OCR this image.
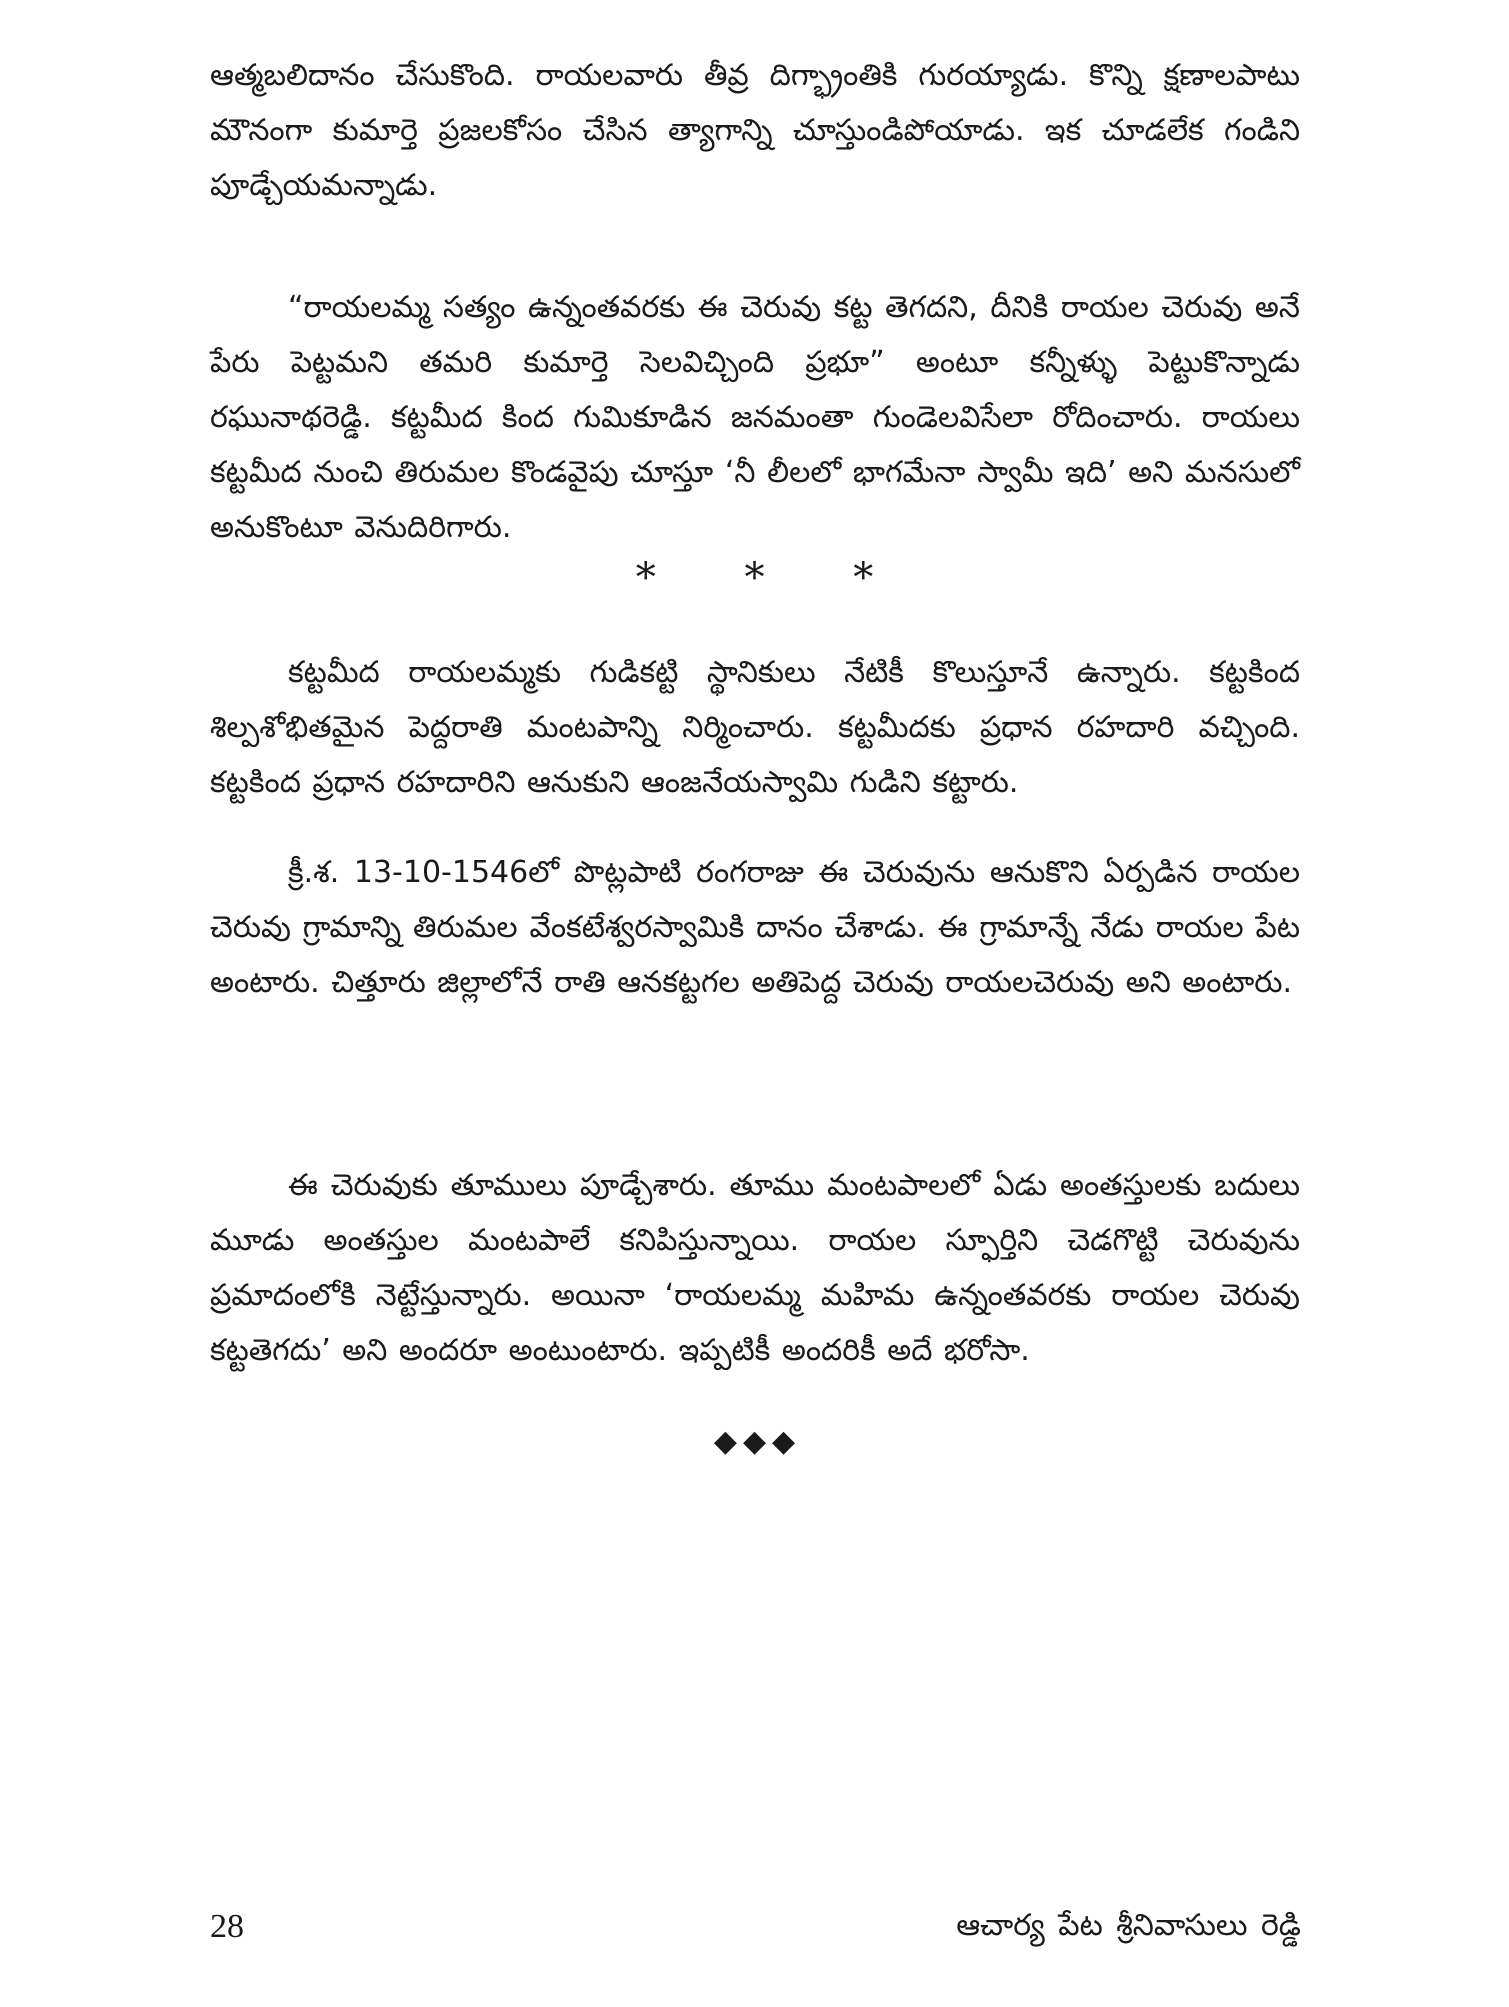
ఆత్మబలిదానం చేసుకొంది. రాయలవారు తీవ్ర దిగ్భ్రాంతికి గురయ్యాడు. కొన్ని క్షణాలపాటు మౌనంగా కుమార్తె ప్రజలకోసం చేసిన త్యాగాన్ని చూస్తుండిపోయాడు. ఇక చూడలేక గండిని పూడ్చేయమన్నాడు.

“రాయలమ్మ సత్యం ఉన్నంతవరకు ఈ చెరువు కట్ట తెగదని, దీనికి రాయల చెరువు అనే పేరు పెట్టమని తమరి కుమార్తె సెలవిచ్చింది ప్రభూ” అంటూ కన్నీళ్ళు పెట్టుకొన్నాడు రఘునాథరెడ్డి. కట్టమీద కింద గుమికూడిన జనమంతా గుండెలవిసేలా రోదించారు. రాయలు కట్టమీద నుంచి తిరుమల కొండవైపు చూస్తూ ‘నీ లీలలో భాగమేనా స్వామీ ఇది’ అని మనసులో అనుకొంటూ వెనుదిరిగారు.

* * *

కట్టమీద రాయలమ్మకు గుడికట్టి స్థానికులు నేటికీ కొలుస్తూనే ఉన్నారు. కట్టకింద శిల్పశోభితమైన పెద్దరాతి మంటపాన్ని నిర్మించారు. కట్టమీదకు ప్రధాన రహదారి వచ్చింది. కట్టకింద ప్రధాన రహదారిని ఆనుకుని ఆంజనేయస్వామి గుడిని కట్టారు.

క్రీ.శ. 13-10-1546లో పొట్లపాటి రంగరాజు ఈ చెరువును ఆనుకొని ఏర్పడిన రాయల చెరువు గ్రామాన్ని తిరుమల వేంకటేశ్వరస్వామికి దానం చేశాడు. ఈ గ్రామాన్నే నేడు రాయల పేట అంటారు. చిత్తూరు జిల్లాలోనే రాతి ఆనకట్టగల అతిపెద్ద చెరువు రాయలచెరువు అని అంటారు.

ఈ చెరువుకు తూములు పూడ్చేశారు. తూము మంటపాలలో ఏడు అంతస్తులకు బదులు మూడు అంతస్తుల మంటపాలే కనిపిస్తున్నాయి. రాయల స్ఫూర్తిని చెడగొట్టి చెరువును ప్రమాదంలోకి నెట్టేస్తున్నారు. అయినా ‘రాయలమ్మ మహిమ ఉన్నంతవరకు రాయల చెరువు కట్టతెగదు’ అని అందరూ అంటుంటారు. ఇప్పటికీ అందరికీ అదే భరోసా.

◆◆◆
28	ఆచార్య పేట శ్రీనివాసులు రెడ్డి
